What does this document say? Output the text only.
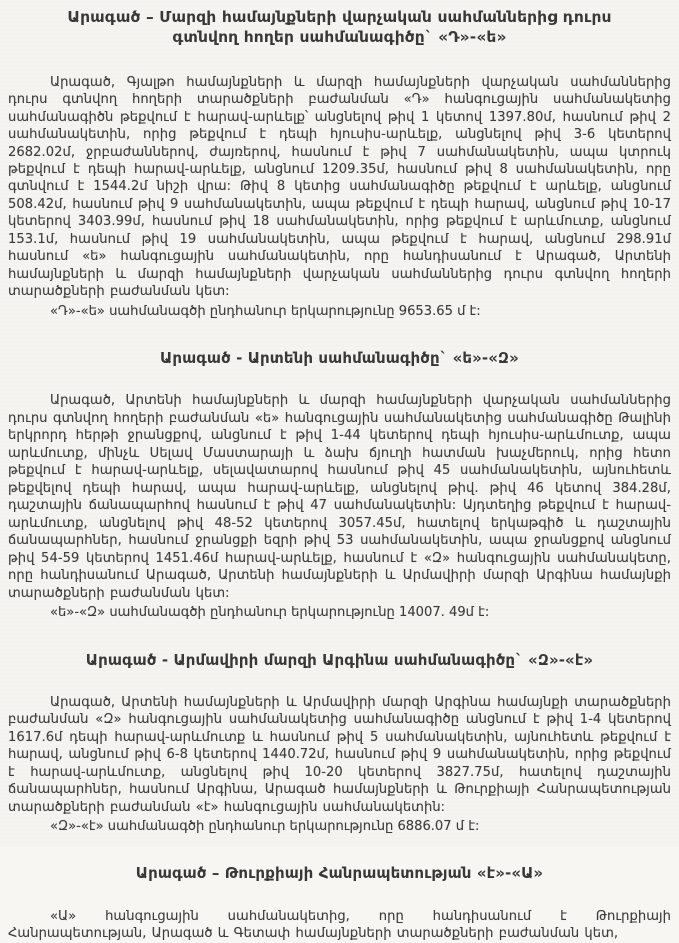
Արագած – Մարզի համայնքների վարչական սահմաններից դուրս գտնվող հողեր սահմանագիծը` «Դ»-«ե»

Արագած, Գյալթո համայնքների և մարզի համայնքների վարչական սահմաններից դուրս գտնվող հողերի տարածքների բաժանման «Դ» հանգուցային սահմանակետից սահմանագիծն թեքվում է հարավ-արևելք՝ անցնելով թիվ 1 կետով 1397.80մ, հասնում թիվ 2 սահմանակետին, որից թեքվում է դեպի հյուսիս-արևելք, անցնելով թիվ 3-6 կետերով 2682.02մ, ջրբաժաններով, ժայռերով, հասնում է թիվ 7 սահմանակետին, ապա կտրուկ թեքվում է դեպի հարավ-արևելք, անցնում 1209.35մ, հասնում թիվ 8 սահմանակետին, որը գտնվում է 1544.2մ նիշի վրա: Թիվ 8 կետից սահմանագիծը թեքվում է արևելք, անցնում 508.42մ, հասնում թիվ 9 սահմանակետին, ապա թեքվում է դեպի հարավ, անցնում թիվ 10-17 կետերով 3403.99մ, հասնում թիվ 18 սահմանակետին, որից թեքվում է արևմուտք, անցնում 153.1մ, հասնում թիվ 19 սահմանակետին, ապա թեքվում է հարավ, անցնում 298.91մ հասնում «ե» հանգուցային սահմանակետին, որը հանդիսանում է Արագած, Արտենի համայնքների և մարզի համայնքների վարչական սահմաններից դուրս գտնվող հողերի տարածքների բաժանման կետ:

«Դ»-«ե» սահմանագծի ընդհանուր երկարությունը 9653.65 մ է:

Արագած - Արտենի սահմանագիծը` «ե»-«Զ»

Արագած, Արտենի համայնքների և մարզի համայնքների վարչական սահմաններից դուրս գտնվող հողերի բաժանման «ե» հանգուցային սահմանակետից սահմանագիծը Թալինի երկրորդ հերթի ջրանցքով, անցնում է թիվ 1-44 կետերով դեպի հյուսիս-արևմուտք, ապա արևմուտք, մինչև Սելավ Մաստարայի և ձախ ճյուղի հատման խաչմերուկ, որից հետո թեքվում է հարավ-արևելք, սելավատարով հասնում թիվ 45 սահմանակետին, այնուհետև թեքվելով դեպի հարավ, ապա հարավ-արևելք, անցնելով թիվ. թիվ 46 կետով 384.28մ, դաշտային ճանապարհով հասնում է թիվ 47 սահմանակետին: Այդտեղից թեքվում է հարավ-արևմուտք, անցնելով թիվ 48-52 կետերով 3057.45մ, հատելով երկաթգիծ և դաշտային ճանապարհներ, հասնում ջրանցքի եզրի թիվ 53 սահմանակետին, ապա ջրանցքով անցնում թիվ 54-59 կետերով 1451.46մ հարավ-արևելք, հասնում է «Զ» հանգուցային սահմանակետը, որը հանդիսանում Արագած, Արտենի համայնքների և Արմավիրի մարզի Արգինա համայնքի տարածքների բաժանման կետ:

«ե»-«Զ» սահմանագծի ընդհանուր երկարությունը 14007. 49մ է:

Արագած - Արմավիրի մարզի Արգինա սահմանագիծը` «Զ»-«է»

Արագած, Արտենի համայնքների և Արմավիրի մարզի Արգինա համայնքի տարածքների բաժանման «Զ» հանգուցային սահմանակետից սահմանագիծը անցնում է թիվ 1-4 կետերով 1617.6մ դեպի հարավ-արևմուտք և հասնում թիվ 5 սահմանակետին, այնուհետև թեքվում է հարավ, անցնում թիվ 6-8 կետերով 1440.72մ, հասնում թիվ 9 սահմանակետին, որից թեքվում է հարավ-արևմուտք, անցնելով թիվ 10-20 կետերով 3827.75մ, հատելով դաշտային ճանապարհներ, հասնում Արգինա, Արագած համայնքների և Թուրքիայի Հանրապետության տարածքների բաժանման «է» հանգուցային սահմանակետին:

«Զ»-«է» սահմանագծի ընդհանուր երկարությունը 6886.07 մ է:

Արագած – Թուրքիայի Հանրապետության «է»-«Ա»

«Ա» հանգուցային սահմանակետից, որը հանդիսանում է Թուրքիայի Հանրապետության, Արագած և Գետափ համայնքների տարածքների բաժանման կետ,
